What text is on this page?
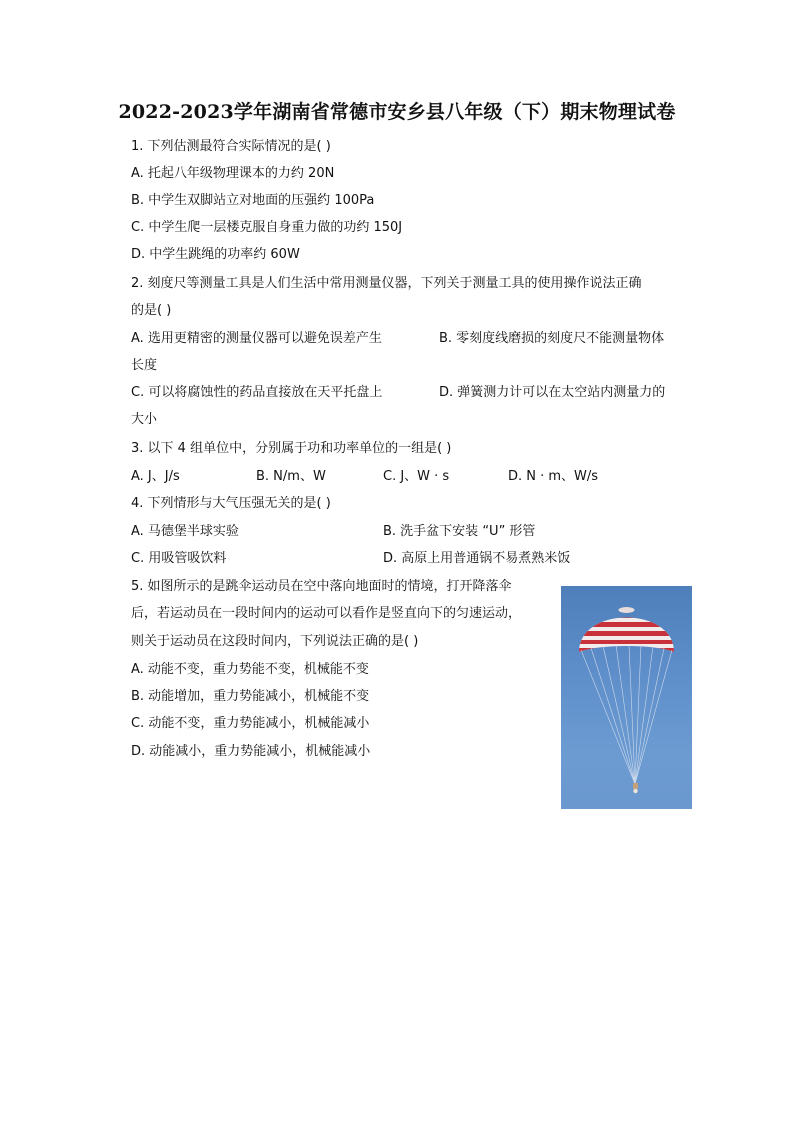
2022-2023学年湖南省常德市安乡县八年级（下）期末物理试卷
1. 下列估测最符合实际情况的是( )
A. 托起八年级物理课本的力约 20N
B. 中学生双脚站立对地面的压强约 100Pa
C. 中学生爬一层楼克服自身重力做的功约 150J
D. 中学生跳绳的功率约 60W
2. 刻度尺等测量工具是人们生活中常用测量仪器，下列关于测量工具的使用操作说法正确
的是( )
A. 选用更精密的测量仪器可以避免误差产生	B. 零刻度线磨损的刻度尺不能测量物体
长度
C. 可以将腐蚀性的药品直接放在天平托盘上	D. 弹簧测力计可以在太空站内测量力的
大小
3. 以下 4 组单位中，分别属于功和功率单位的一组是( )
A. J、J/s	B. N/m、W	C. J、W · s	D. N · m、W/s
4. 下列情形与大气压强无关的是( )
A. 马德堡半球实验	B. 洗手盆下安装 “U” 形管
C. 用吸管吸饮料	D. 高原上用普通锅不易煮熟米饭
5. 如图所示的是跳伞运动员在空中落向地面时的情境，打开降落伞
后，若运动员在一段时间内的运动可以看作是竖直向下的匀速运动，
则关于运动员在这段时间内，下列说法正确的是( )
A. 动能不变，重力势能不变，机械能不变
B. 动能增加，重力势能减小，机械能不变
C. 动能不变，重力势能减小，机械能减小
D. 动能减小，重力势能减小，机械能减小
